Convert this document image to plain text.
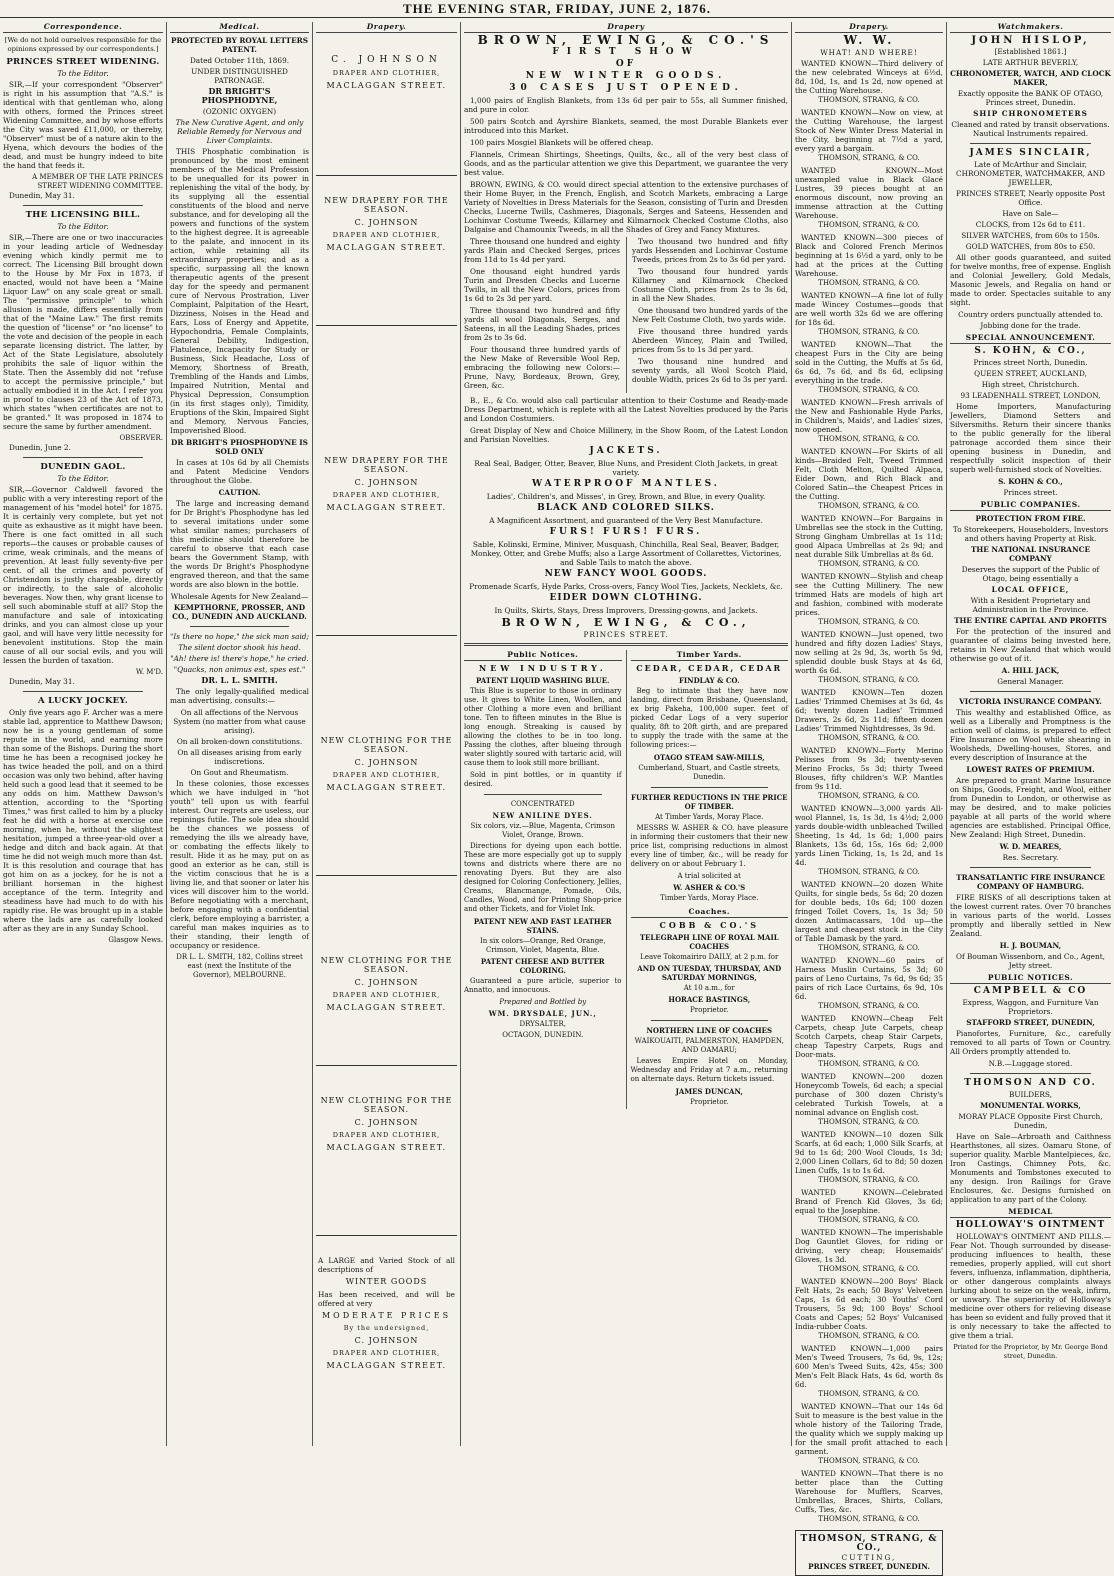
THE EVENING STAR, FRIDAY, JUNE 2, 1876.
Correspondence.
[We do not hold ourselves responsible for the opinions expressed by our correspondents.]
PRINCES STREET WIDENING.
To the Editor.
SIR,—If your correspondent "Observer" is right in his assumption that "A.S." is identical with that gentleman who, along with others, formed the Princes street Widening Committee, and by whose efforts the City was saved £11,000, or thereby, "Observer" must be of a nature akin to the Hyena, which devours the bodies of the dead, and must be hungry indeed to bite the hand that feeds it.
A MEMBER OF THE LATE PRINCES STREET WIDENING COMMITTEE.
Dunedin, May 31.
THE LICENSING BILL.
To the Editor.
SIR,—There are one or two inaccuracies in your leading article of Wednesday evening which kindly permit me to correct. The Licensing Bill brought down to the House by Mr Fox in 1873, if enacted, would not have been a "Maine Liquor Law" on any scale great or small. The "permissive principle" to which allusion is made, differs essentially from that of the "Maine Law." The first remits the question of "license" or "no license" to the vote and decision of the people in each separate licensing district. The latter, by Act of the State Legislature, absolutely prohibits the sale of liquor within the State. Then the Assembly did not "refuse to accept the permissive principle," but actually embodied it in the Act. I refer you in proof to clauses 23 of the Act of 1873, which states "when certificates are not to be granted." It was proposed in 1874 to secure the same by further amendment.
OBSERVER.
Dunedin, June 2.
DUNEDIN GAOL.
To the Editor.
SIR,—Governor Caldwell favored the public with a very interesting report of the management of his "model hotel" for 1875. It is certainly very complete, but yet not quite as exhaustive as it might have been. There is one fact omitted in all such reports—the causes or probable causes of crime, weak criminals, and the means of prevention. At least fully seventy-five per cent. of all the crimes and poverty of Christendom is justly chargeable, directly or indirectly, to the sale of alcoholic beverages. Now then, why grant license to sell such abominable stuff at all? Stop the manufacture and sale of intoxicating drinks, and you can almost close up your gaol, and will have very little necessity for benevolent institutions. Stop the main cause of all our social evils, and you will lessen the burden of taxation.
W. M'D.
Dunedin, May 31.
A LUCKY JOCKEY.
Only five years ago F. Archer was a mere stable lad, apprentice to Matthew Dawson; now he is a young gentleman of some repute in the world, and earning more than some of the Bishops. During the short time he has been a recognised jockey he has twice headed the poll, and on a third occasion was only two behind, after having held such a good lead that it seemed to be any odds on him. Matthew Dawson's attention, according to the "Sporting Times," was first called to him by a plucky feat he did with a horse at exercise one morning, when he, without the slightest hesitation, jumped a three-year-old over a hedge and ditch and back again. At that time he did not weigh much more than 4st. It is this resolution and courage that has got him on as a jockey, for he is not a brilliant horseman in the highest acceptance of the term. Integrity and steadiness have had much to do with his rapidly rise. He was brought up in a stable where the lads are as carefully looked after as they are in any Sunday School.
Glasgow News.
Medical.
PROTECTED BY ROYAL LETTERS PATENT.
Dated October 11th, 1869.
UNDER DISTINGUISHED PATRONAGE.
DR BRIGHT'S PHOSPHODYNE,
(OZONIC OXYGEN)
The New Curative Agent, and only Reliable Remedy for Nervous and Liver Complaints.
THIS Phosphatic combination is pronounced by the most eminent members of the Medical Profession to be unequalled for its power in replenishing the vital of the body, by its supplying all the essential constituents of the blood and nerve substance, and for developing all the powers and functions of the system to the highest degree. It is agreeable to the palate, and innocent in its action, while retaining all its extraordinary properties; and as a specific, surpassing all the known therapeutic agents of the present day for the speedy and permanent cure of Nervous Prostration, Liver Complaint, Palpitation of the Heart, Dizziness, Noises in the Head and Ears, Loss of Energy and Appetite, Hypochondria, Female Complaints, General Debility, Indigestion, Flatulence, Incapacity for Study or Business, Sick Headache, Loss of Memory, Shortness of Breath, Trembling of the Hands and Limbs, Impaired Nutrition, Mental and Physical Depression, Consumption (in its first stages only), Timidity, Eruptions of the Skin, Impaired Sight and Memory, Nervous Fancies, Impoverished Blood.
DR BRIGHT'S PHOSPHODYNE IS SOLD ONLY
In cases at 10s 6d by all Chemists and Patent Medicine Vendors throughout the Globe.
CAUTION.
The large and increasing demand for Dr Bright's Phosphodyne has led to several imitations under some what similar names; purchasers of this medicine should therefore be careful to observe that each case bears the Government Stamp, with the words Dr Bright's Phosphodyne engraved thereon, and that the same words are also blown in the bottle.
Wholesale Agents for New Zealand—
KEMPTHORNE, PROSSER, AND CO., DUNEDIN AND AUCKLAND.
"Is there no hope," the sick man said;
The silent doctor shook his head.
"Ah! there is! there's hope," he cried.
"Quacks, non animus est, spes est."
DR. L. L. SMITH.
The only legally-qualified medical man advertising, consults:—
On all affections of the Nervous System (no matter from what cause arising).
On all broken-down constitutions.
On all diseases arising from early indiscretions.
On Gout and Rheumatism.
In these colonies, those excesses which we have indulged in "hot youth" tell upon us with fearful interest. Our regrets are useless, our repinings futile. The sole idea should be the chances we possess of remedying the ills we already have, or combating the effects likely to result. Hide it as he may, put on as good an exterior as he can, still is the victim conscious that he is a living lie, and that sooner or later his vices will discover him to the world. Before negotiating with a merchant, before engaging with a confidential clerk, before employing a barrister, a careful man makes inquiries as to their standing, their length of occupancy or residence.
DR L. L. SMITH, 182, Collins street east (next the Institute of the Governor), MELBOURNE.
Drapery.
C. JOHNSON
DRAPER AND CLOTHIER,
MACLAGGAN STREET.
NEW DRAPERY FOR THE SEASON.
C. JOHNSON
DRAPER AND CLOTHIER,
MACLAGGAN STREET.
NEW DRAPERY FOR THE SEASON.
C. JOHNSON
DRAPER AND CLOTHIER,
MACLAGGAN STREET.
NEW CLOTHING FOR THE SEASON.
C. JOHNSON
DRAPER AND CLOTHIER,
MACLAGGAN STREET.
NEW CLOTHING FOR THE SEASON.
C. JOHNSON
DRAPER AND CLOTHIER,
MACLAGGAN STREET.
NEW CLOTHING FOR THE SEASON.
C. JOHNSON
DRAPER AND CLOTHIER,
MACLAGGAN STREET.
A LARGE and Varied Stock of all descriptions of
WINTER GOODS
Has been received, and will be offered at very
MODERATE PRICES
By the undersigned,
C. JOHNSON
DRAPER AND CLOTHIER,
MACLAGGAN STREET.
Drapery
BROWN, EWING, & CO.'S
FIRST SHOW
OF
NEW WINTER GOODS.
30 CASES JUST OPENED.
1,000 pairs of English Blankets, from 13s 6d per pair to 55s, all Summer finished, and pure in color.
500 pairs Scotch and Ayrshire Blankets, seamed, the most Durable Blankets ever introduced into this Market.
100 pairs Mosgiel Blankets will be offered cheap.
Flannels, Crimean Shirtings, Sheetings, Quilts, &c., all of the very best class of Goods, and as the particular attention we give this Department, we guarantee the very best value.
BROWN, EWING, & CO. would direct special attention to the extensive purchases of their Home Buyer, in the French, English, and Scotch Markets, embracing a Large Variety of Novelties in Dress Materials for the Season, consisting of Turin and Dresden Checks, Lucerne Twills, Cashmeres, Diagonals, Serges and Sateens, Hessenden and Lochinvar Costume Tweeds, Killarney and Kilmarnock Checked Costume Cloths, also Dalgaise and Chamounix Tweeds, in all the Shades of Grey and Fancy Mixtures.
Three thousand one hundred and eighty yards Plain and Checked Serges, prices from 11d to 1s 4d per yard.
One thousand eight hundred yards Turin and Dresden Checks and Lucerne Twills, in all the New Colors, prices from 1s 6d to 2s 3d per yard.
Three thousand two hundred and fifty yards all wool Diagonals, Serges, and Sateens, in all the Leading Shades, prices from 2s to 3s 6d.
Four thousand three hundred yards of the New Make of Reversible Wool Rep, embracing the following new Colors:—Prune, Navy, Bordeaux, Brown, Grey, Green, &c.
Two thousand two hundred and fifty yards Hessenden and Lochinvar Costume Tweeds, prices from 2s to 3s 6d per yard.
Two thousand four hundred yards Killarney and Kilmarnock Checked Costume Cloth, prices from 2s to 3s 6d, in all the New Shades.
One thousand two hundred yards of the New Felt Costume Cloth, two yards wide.
Five thousand three hundred yards Aberdeen Wincey, Plain and Twilled, prices from 5s to 1s 3d per yard.
Two thousand nine hundred and seventy yards, all Wool Scotch Plaid, double Width, prices 2s 6d to 3s per yard.
B., E., & Co. would also call particular attention to their Costume and Ready-made Dress Department, which is replete with all the Latest Novelties produced by the Paris and London Costumiers.
Great Display of New and Choice Millinery, in the Show Room, of the Latest London and Parisian Novelties.
JACKETS.
Real Seal, Badger, Otter, Beaver, Blue Nuns, and President Cloth Jackets, in great variety.
WATERPROOF MANTLES.
Ladies', Children's, and Misses', in Grey, Brown, and Blue, in every Quality.
BLACK AND COLORED SILKS.
A Magnificent Assortment, and guaranteed of the Very Best Manufacture.
FURS! FURS! FURS.
Sable, Kolinski, Ermine, Miniver, Musquash, Chinchilla, Real Seal, Beaver, Badger, Monkey, Otter, and Grebe Muffs; also a Large Assortment of Collarettes, Victorines, and Sable Tails to match the above.
NEW FANCY WOOL GOODS.
Promenade Scarfs, Hyde Parks, Cross-overs, Fancy Wool Ties, Jackets, Necklets, &c.
EIDER DOWN CLOTHING.
In Quilts, Skirts, Stays, Dress Improvers, Dressing-gowns, and Jackets.
BROWN, EWING, & CO.,
PRINCES STREET.
Public Notices.
NEW INDUSTRY.
PATENT LIQUID WASHING BLUE.
This Blue is superior to those in ordinary use. It gives to White Linen, Woollen, and other Clothing a more even and brilliant tone. Ten to fifteen minutes in the Blue is long enough. Streaking is caused by allowing the clothes to be in too long. Passing the clothes, after blueing through water slightly soured with tartaric acid, will cause them to look still more brilliant.
Sold in pint bottles, or in quantity if desired.
CONCENTRATED
NEW ANILINE DYES.
Six colors, viz.—Blue, Magenta, Crimson Violet, Orange, Brown.
Directions for dyeing upon each bottle. These are more especially got up to supply towns and districts where there are no renovating Dyers. But they are also designed for Coloring Confectionery, Jellies, Creams, Blancmange, Pomade, Oils, Candles, Wood, and for Printing Shop-price and other Tickets, and for Violet Ink.
PATENT NEW AND FAST LEATHER STAINS.
In six colors—Orange, Red Orange, Crimson, Violet, Magenta, Blue.
PATENT CHEESE AND BUTTER COLORING.
Guaranteed a pure article, superior to Annatto, and innocuous.
Prepared and Bottled by
WM. DRYSDALE, JUN.,
DRYSALTER,
OCTAGON, DUNEDIN.
Timber Yards.
CEDAR, CEDAR, CEDAR
FINDLAY & CO.
Beg to intimate that they have now landing, direct from Brisbane, Queensland, ex brig Pakeha, 100,000 super. feet of picked Cedar Logs of a very superior quality, 8ft to 20ft girth, and are prepared to supply the trade with the same at the following prices:—
OTAGO STEAM SAW-MILLS,
Cumberland, Stuart, and Castle streets, Dunedin.
FURTHER REDUCTIONS IN THE PRICE OF TIMBER.
At Timber Yards, Moray Place.
MESSRS W. ASHER & CO. have pleasure in informing their customers that their new price list, comprising reductions in almost every line of timber, &c., will be ready for delivery on or about February 1.
A trial solicited at
W. ASHER & CO.'S
Timber Yards, Moray Place.
Coaches.
COBB & CO.'S
TELEGRAPH LINE OF ROYAL MAIL COACHES
Leave Tokomairiro DAILY, at 2 p.m. for
AND ON TUESDAY, THURSDAY, AND SATURDAY MORNINGS,
At 10 a.m., for
HORACE BASTINGS,
Proprietor.
NORTHERN LINE OF COACHES
WAIKOUAITI, PALMERSTON, HAMPDEN, AND OAMARU;
Leaves Empire Hotel on Monday, Wednesday and Friday at 7 a.m., returning on alternate days. Return tickets issued.
JAMES DUNCAN,
Proprietor.
Drapery.
W. W.
WHAT! AND WHERE!
WANTED KNOWN—Third delivery of the new celebrated Winceys at 6½d, 8d, 10d, 1s, and 1s 2d, now opened at the Cutting Warehouse.
THOMSON, STRANG, & CO.
WANTED KNOWN—Now on view, at the Cutting Warehouse, the largest Stock of New Winter Dress Material in the City, beginning at 7½d a yard, every yard a bargain.
THOMSON, STRANG, & CO.
WANTED KNOWN—Most unexampled value in Black Glacé Lustres, 39 pieces bought at an enormous discount, now proving an immense attraction at the Cutting Warehouse.
THOMSON, STRANG, & CO.
WANTED KNOWN—300 pieces of Black and Colored French Merinos beginning at 1s 6½d a yard, only to be had at the prices at the Cutting Warehouse.
THOMSON, STRANG, & CO.
WANTED KNOWN—A fine lot of fully made Wincey Costumes—goods that are well worth 32s 6d we are offering for 18s 6d.
THOMSON, STRANG, & CO.
WANTED KNOWN—That the cheapest Furs in the City are being sold in the Cutting, the Muffs at 5s 6d, 6s 6d, 7s 6d, and 8s 6d, eclipsing everything in the trade.
THOMSON, STRANG, & CO.
WANTED KNOWN—Fresh arrivals of the New and Fashionable Hyde Parks, in Children's, Maids', and Ladies' sizes, now opened.
THOMSON, STRANG, & CO.
WANTED KNOWN—For Skirts of all kinds—Braided Felt, Tweed Trimmed Felt, Cloth Melton, Quilted Alpaca, Eider Down, and Rich Black and Colored Satin—the Cheapest Prices in the Cutting.
THOMSON, STRANG, & CO.
WANTED KNOWN—For Bargains in Umbrellas see the stock in the Cutting, Strong Gingham Umbrellas at 1s 11d; good Alpaca Umbrellas at 2s 9d; and neat durable Silk Umbrellas at 8s 6d.
THOMSON, STRANG, & CO.
WANTED KNOWN—Stylish and cheap see the Cutting Millinery. The new trimmed Hats are models of high art and fashion, combined with moderate prices.
THOMSON, STRANG, & CO.
WANTED KNOWN—Just opened, two hundred and fifty dozen Ladies' Stays, now selling at 2s 9d, 3s, worth 5s 9d, splendid double busk Stays at 4s 6d, worth 6s 6d.
THOMSON, STRANG, & CO.
WANTED KNOWN—Ten dozen Ladies' Trimmed Chemises at 3s 6d, 4s 6d; twenty dozen Ladies' Trimmed Drawers, 2s 6d, 2s 11d; fifteen dozen Ladies' Trimmed Nightdresses, 3s 9d.
THOMSON, STRANG, & CO.
WANTED KNOWN—Forty Merino Pelisses from 9s 3d; twenty-seven Merino Frocks, 5s 3d; thirty Tweed Blouses, fifty children's W.P. Mantles from 9s 11d.
THOMSON, STRANG, & CO.
WANTED KNOWN—3,000 yards All-wool Flannel, 1s, 1s 3d, 1s 4½d; 2,000 yards double-width unbleached Twilled Sheeting, 1s 4d, 1s 6d; 1,000 pairs Blankets, 13s 6d, 15s, 16s 6d; 2,000 yards Linen Ticking, 1s, 1s 2d, and 1s 4d.
THOMSON, STRANG, & CO.
WANTED KNOWN—20 dozen White Quilts, for single beds, 5s 6d; 20 dozen for double beds, 10s 6d; 100 dozen fringed Toilet Covers, 1s, 1s 3d; 50 dozen Antimacassars, 10d up—the largest and cheapest stock in the City of Table Damask by the yard.
THOMSON, STRANG, & CO.
WANTED KNOWN—60 pairs of Harness Muslin Curtains, 5s 3d; 60 pairs of Leno Curtains, 7s 6d, 9s 6d; 35 pairs of rich Lace Curtains, 6s 9d, 10s 6d.
THOMSON, STRANG, & CO.
WANTED KNOWN—Cheap Felt Carpets, cheap Jute Carpets, cheap Scotch Carpets, cheap Stair Carpets, cheap Tapestry Carpets, Rugs and Door-mats.
THOMSON, STRANG, & CO.
WANTED KNOWN—200 dozen Honeycomb Towels, 6d each; a special purchase of 300 dozen Christy's celebrated Turkish Towels, at a nominal advance on English cost.
THOMSON, STRANG, & CO.
WANTED KNOWN—10 dozen Silk Scarfs, at 6d each; 1,000 Silk Scarfs, at 9d to 1s 6d; 200 Wool Clouds, 1s 3d; 2,000 Linen Collars, 6d to 8d; 50 dozen Linen Cuffs, 1s to 1s 6d.
THOMSON, STRANG, & CO.
WANTED KNOWN—Celebrated Brand of French Kid Gloves, 3s 6d; equal to the Josephine.
THOMSON, STRANG, & CO.
WANTED KNOWN—The imperishable Dog Gauntlet Gloves, for riding or driving, very cheap; Housemaids' Gloves, 1s 3d.
THOMSON, STRANG, & CO.
WANTED KNOWN—200 Boys' Black Felt Hats, 2s each; 50 Boys' Velveteen Caps, 1s 6d each; 30 Youths' Cord Trousers, 5s 9d; 100 Boys' School Coats and Capes; 52 Boys' Vulcanised India-rubber Coats.
THOMSON, STRANG, & CO.
WANTED KNOWN—1,000 pairs Men's Tweed Trousers, 7s 6d, 9s, 12s; 600 Men's Tweed Suits, 42s, 45s; 300 Men's Felt Black Hats, 4s 6d, worth 8s 6d.
THOMSON, STRANG, & CO.
WANTED KNOWN—That our 14s 6d Suit to measure is the best value in the whole history of the Tailoring Trade, the quality which we supply making up for the small profit attached to each garment.
THOMSON, STRANG, & CO.
WANTED KNOWN—That there is no better place than the Cutting Warehouse for Mufflers, Scarves, Umbrellas, Braces, Shirts, Collars, Cuffs, Ties, &c.
THOMSON, STRANG, & CO.
THOMSON, STRANG, & CO.,
CUTTING,
PRINCES STREET, DUNEDIN.
Watchmakers.
JOHN HISLOP,
[Established 1861.]
LATE ARTHUR BEVERLY,
CHRONOMETER, WATCH, AND CLOCK MAKER,
Exactly opposite the BANK OF OTAGO, Princes street, Dunedin.
SHIP CHRONOMETERS
Cleaned and rated by transit observations. Nautical Instruments repaired.
JAMES SINCLAIR,
Late of McArthur and Sinclair, CHRONOMETER, WATCHMAKER, AND JEWELLER,
PRINCES STREET, Nearly opposite Post Office.
Have on Sale—
CLOCKS, from 12s 6d to £11.
SILVER WATCHES, from 60s to 150s.
GOLD WATCHES, from 80s to £50.
All other goods guaranteed, and suited for twelve months, free of expense. English and Colonial Jewellery, Gold Medals, Masonic Jewels, and Regalia on hand or made to order. Spectacles suitable to any sight.
Country orders punctually attended to.
Jobbing done for the trade.
SPECIAL ANNOUNCEMENT.
S. KOHN, & CO.,
Princes street North, Dunedin.
QUEEN STREET, AUCKLAND,
High street, Christchurch.
93 LEADENHALL STREET, LONDON,
Home Importers, Manufacturing Jewellers, Diamond Setters and Silversmiths. Return their sincere thanks to the public generally for the liberal patronage accorded them since their opening business in Dunedin, and respectfully solicit inspection of their superb well-furnished stock of Novelties.
S. KOHN & CO.,
Princes street.
PUBLIC COMPANIES.
PROTECTION FROM FIRE.
To Storekeepers, Householders, Investors and others having Property at Risk.
THE NATIONAL INSURANCE COMPANY
Deserves the support of the Public of Otago, being essentially a
LOCAL OFFICE,
With a Resident Proprietary and Administration in the Province.
THE ENTIRE CAPITAL AND PROFITS
For the protection of the insured and guarantee of claims being invested here, retains in New Zealand that which would otherwise go out of it.
A. HILL JACK,
General Manager.
VICTORIA INSURANCE COMPANY.
This wealthy and established Office, as well as a Liberally and Promptness is the action well of claims, is prepared to effect Fire Insurance on Wool while shearing in Woolsheds, Dwelling-houses, Stores, and every description of Insurance at the
LOWEST RATES OF PREMIUM.
Are prepared to grant Marine Insurance on Ships, Goods, Freight, and Wool, either from Dunedin to London, or otherwise as may be desired, and to make policies payable at all parts of the world where agencies are established. Principal Office, New Zealand: High Street, Dunedin.
W. D. MEARES,
Res. Secretary.
TRANSATLANTIC FIRE INSURANCE COMPANY OF HAMBURG.
FIRE RISKS of all descriptions taken at the lowest current rates. Over 70 branches in various parts of the world. Losses promptly and liberally settled in New Zealand.
H. J. BOUMAN,
Of Bouman Wissenborn, and Co., Agent, Jetty street.
PUBLIC NOTICES.
CAMPBELL & CO
Express, Waggon, and Furniture Van Proprietors.
STAFFORD STREET, DUNEDIN,
Pianofortes, Furniture, &c., carefully removed to all parts of Town or Country. All Orders promptly attended to.
N.B.—Luggage stored.
THOMSON AND CO.
BUILDERS,
MONUMENTAL WORKS,
MORAY PLACE Opposite First Church, Dunedin,
Have on Sale—Arbroath and Caithness Hearthstones, all sizes. Oamaru Stone, of superior quality. Marble Mantelpieces, &c. Iron Castings, Chimney Pots, &c. Monuments and Tombstones executed to any design. Iron Railings for Grave Enclosures, &c. Designs furnished on application to any part of the Colony.
MEDICAL
HOLLOWAY'S OINTMENT
HOLLOWAY'S OINTMENT AND PILLS.—Fear Not. Though surrounded by disease-producing influences to health, these remedies, properly applied, will cut short fevers, influenza, inflammation, diphtheria, or other dangerous complaints always lurking about to seize on the weak, infirm, or unwary. The superiority of Holloway's medicine over others for relieving disease has been so evident and fully proved that it is only necessary to take the affected to give them a trial.
Printed for the Proprietor, by Mr. George Bond street, Dunedin.
